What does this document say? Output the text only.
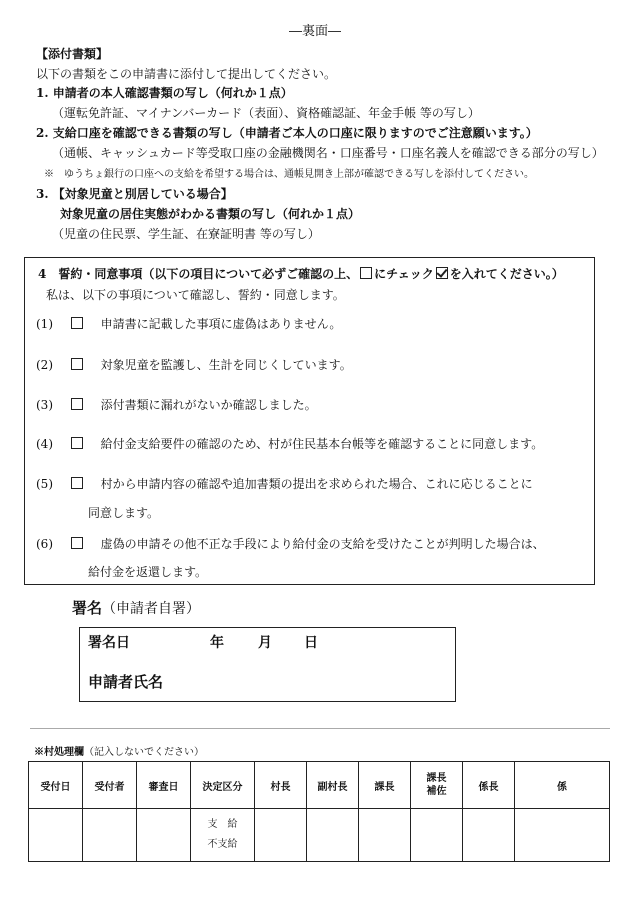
―裏面―
【添付書類】
以下の書類をこの申請書に添付して提出してください。
1. 申請者の本人確認書類の写し（何れか１点）
（運転免許証、マイナンバーカード（表面）、資格確認証、年金手帳 等の写し）
2. 支給口座を確認できる書類の写し（申請者ご本人の口座に限りますのでご注意願います。）
（通帳、キャッシュカード等受取口座の金融機関名・口座番号・口座名義人を確認できる部分の写し）
※　ゆうちょ銀行の口座への支給を希望する場合は、通帳見開き上部が確認できる写しを添付してください。
3. 【対象児童と別居している場合】
対象児童の居住実態がわかる書類の写し（何れか１点）
（児童の住民票、学生証、在寮証明書 等の写し）
4　誓約・同意事項（以下の項目について必ずご確認の上、 にチェック を入れてください。）
私は、以下の事項について確認し、誓約・同意します。
(1)	申請書に記載した事項に虚偽はありません。
(2)	対象児童を監護し、生計を同じくしています。
(3)	添付書類に漏れがないか確認しました。
(4)	給付金支給要件の確認のため、村が住民基本台帳等を確認することに同意します。
(5)	村から申請内容の確認や追加書類の提出を求められた場合、これに応じることに
同意します。
(6)	虚偽の申請その他不正な手段により給付金の支給を受けたことが判明した場合は、
給付金を返還します。
署名（申請者自署）
署名日	年 月 日
申請者氏名
※村処理欄（記入しないでください）
受付日	受付者	審査日	決定区分	村長	副村長	課長	課長補佐	係長	係

			支　給
不支給						
